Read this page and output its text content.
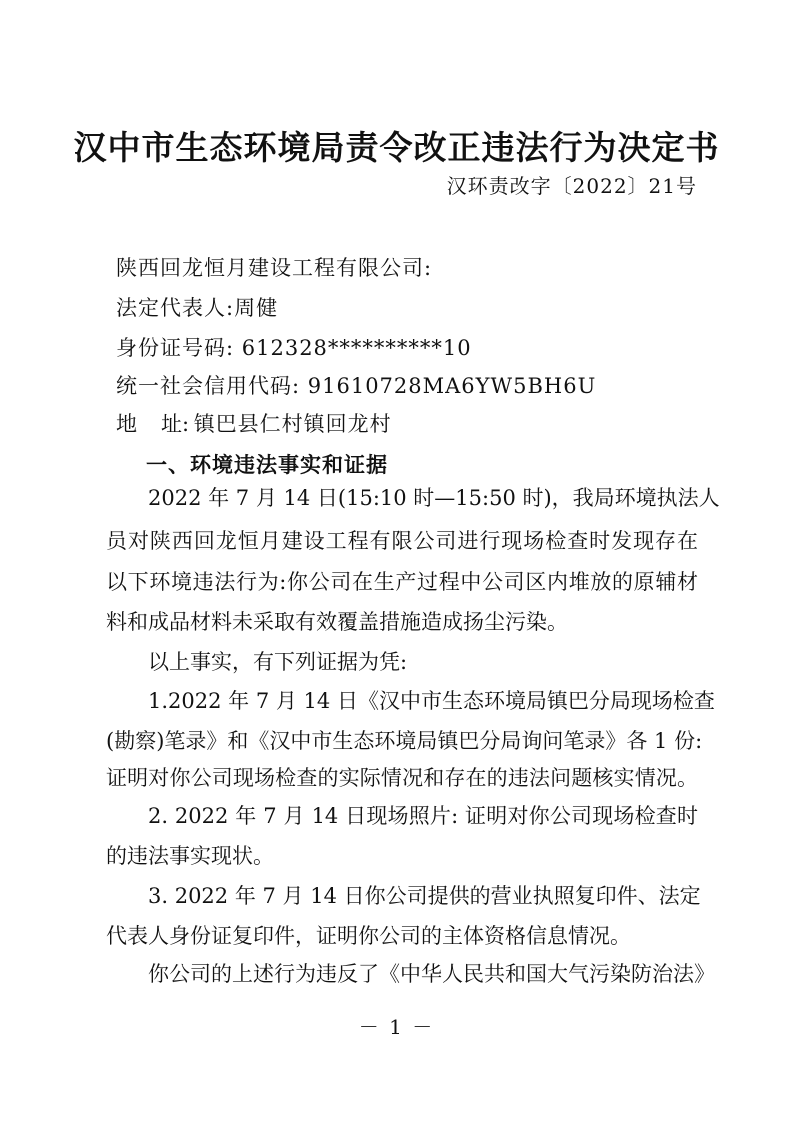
汉中市生态环境局责令改正违法行为决定书
汉环责改字〔2022〕21号
陕西回龙恒月建设工程有限公司:
法定代表人:周健
身份证号码: 612328**********10
统一社会信用代码: 91610728MA6YW5BH6U
地 址: 镇巴县仁村镇回龙村
一、环境违法事实和证据
2022 年 7 月 14 日(15:10 时—15:50 时)，我局环境执法人
员对陕西回龙恒月建设工程有限公司进行现场检查时发现存在
以下环境违法行为:你公司在生产过程中公司区内堆放的原辅材
料和成品材料未采取有效覆盖措施造成扬尘污染。
以上事实，有下列证据为凭:
1.2022 年 7 月 14 日《汉中市生态环境局镇巴分局现场检查
(勘察)笔录》和《汉中市生态环境局镇巴分局询问笔录》各 1 份:
证明对你公司现场检查的实际情况和存在的违法问题核实情况。
2. 2022 年 7 月 14 日现场照片: 证明对你公司现场检查时
的违法事实现状。
3. 2022 年 7 月 14 日你公司提供的营业执照复印件、法定
代表人身份证复印件，证明你公司的主体资格信息情况。
你公司的上述行为违反了《中华人民共和国大气污染防治法》
－ 1 －
